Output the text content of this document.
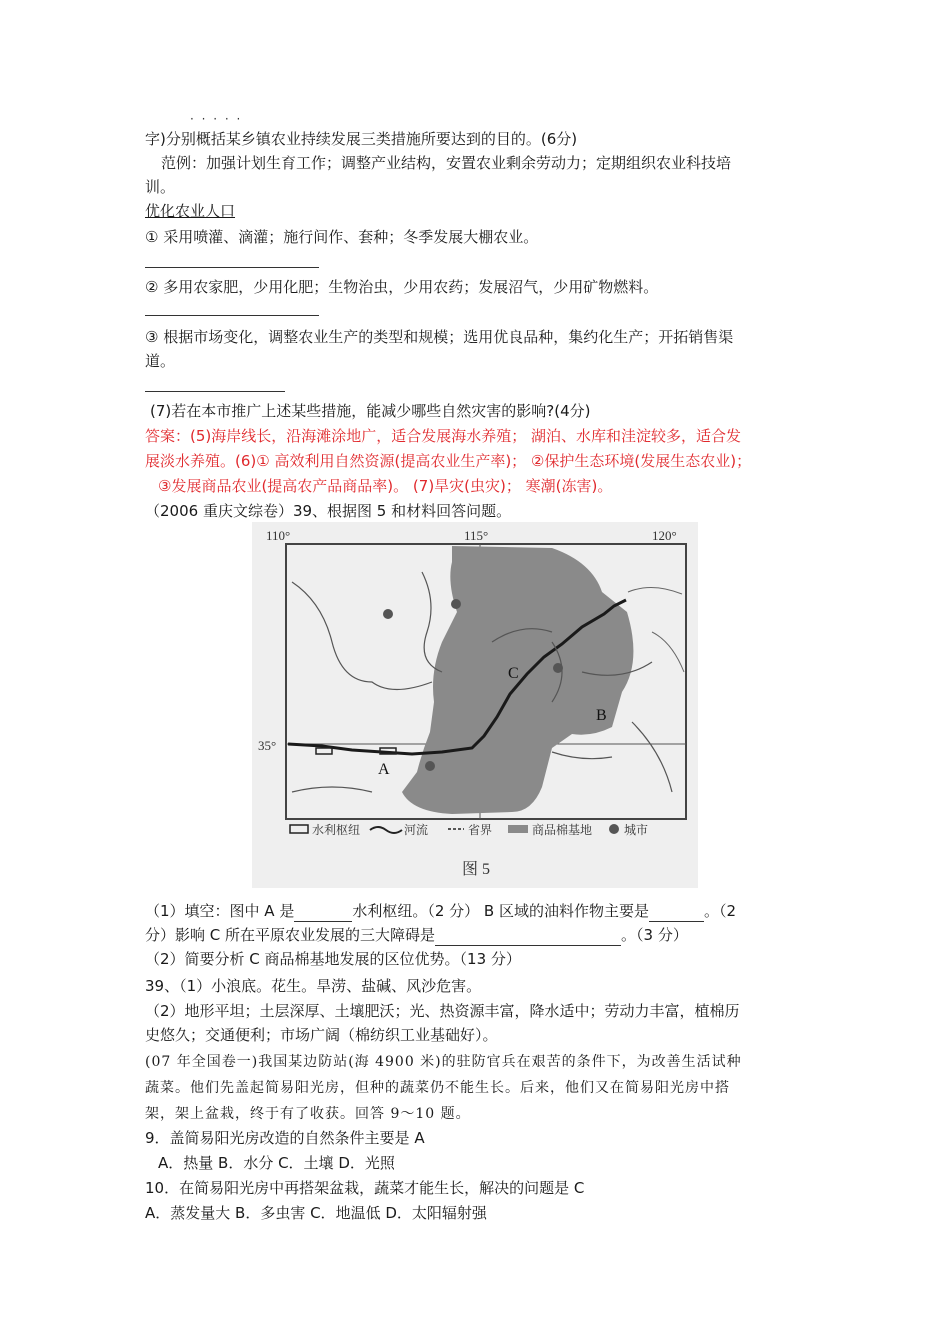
· · · · ·
字)分别概括某乡镇农业持续发展三类措施所要达到的目的。(6分)
范例：加强计划生育工作；调整产业结构，安置农业剩余劳动力；定期组织农业科技培
训。
优化农业人口
① 采用喷灌、滴灌；施行间作、套种；冬季发展大棚农业。
② 多用农家肥，少用化肥；生物治虫，少用农药；发展沼气，少用矿物燃料。
③ 根据市场变化，调整农业生产的类型和规模；选用优良品种，集约化生产；开拓销售渠
道。
(7)若在本市推广上述某些措施，能减少哪些自然灾害的影响?(4分)
答案：(5)海岸线长，沿海滩涂地广，适合发展海水养殖； 湖泊、水库和洼淀较多，适合发
展淡水养殖。(6)① 高效利用自然资源(提高农业生产率)； ②保护生态环境(发展生态农业)；
③发展商品农业(提高农产品商品率)。 (7)旱灾(虫灾)； 寒潮(冻害)。
（2006 重庆文综卷）39、根据图 5 和材料回答问题。
110°	115°	120°
35°
A
B
C
水利枢纽	河流	省界	商品棉基地	城市
图 5
（1）填空：图中 A 是	水利枢纽。（2 分） B 区域的油料作物主要是	。（2
分）影响 C 所在平原农业发展的三大障碍是	。（3 分）
（2）简要分析 C 商品棉基地发展的区位优势。（13 分）
39、（1）小浪底。花生。旱涝、盐碱、风沙危害。
（2）地形平坦；土层深厚、土壤肥沃；光、热资源丰富，降水适中；劳动力丰富，植棉历
史悠久；交通便利；市场广阔（棉纺织工业基础好）。
(07 年全国卷一)我国某边防站(海 4900 米)的驻防官兵在艰苦的条件下，为改善生活试种
蔬菜。他们先盖起简易阳光房，但种的蔬菜仍不能生长。后来，他们又在简易阳光房中搭
架，架上盆栽，终于有了收获。回答 9～10 题。
9．盖简易阳光房改造的自然条件主要是 A
A．热量 B．水分 C．土壤 D．光照
10．在简易阳光房中再搭架盆栽，蔬菜才能生长，解决的问题是 C
A．蒸发量大 B．多虫害 C．地温低 D．太阳辐射强
